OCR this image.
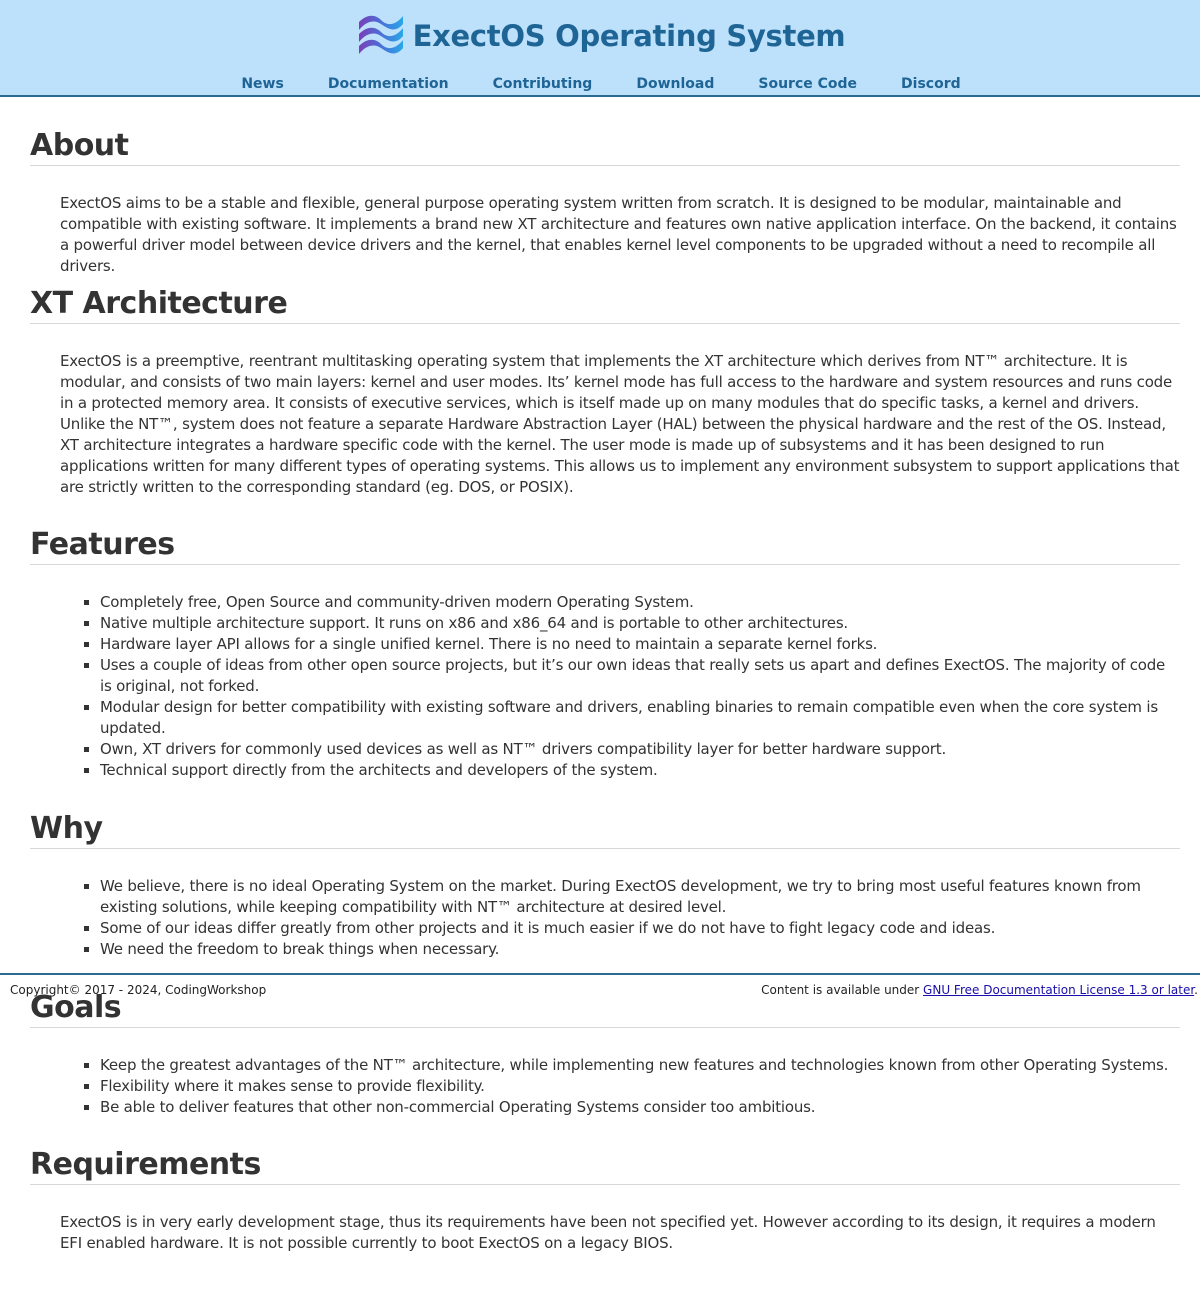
ExectOS Operating System
News	Documentation	Contributing	Download	Source Code	Discord
About

ExectOS aims to be a stable and flexible, general purpose operating system written from scratch. It is designed to be modular, maintainable and compatible with existing software. It implements a brand new XT architecture and features own native application interface. On the backend, it contains a powerful driver model between device drivers and the kernel, that enables kernel level components to be upgraded without a need to recompile all drivers.

XT Architecture

ExectOS is a preemptive, reentrant multitasking operating system that implements the XT architecture which derives from NT™ architecture. It is modular, and consists of two main layers: kernel and user modes. Its’ kernel mode has full access to the hardware and system resources and runs code in a protected memory area. It consists of executive services, which is itself made up on many modules that do specific tasks, a kernel and drivers. Unlike the NT™, system does not feature a separate Hardware Abstraction Layer (HAL) between the physical hardware and the rest of the OS. Instead, XT architecture integrates a hardware specific code with the kernel. The user mode is made up of subsystems and it has been designed to run applications written for many different types of operating systems. This allows us to implement any environment subsystem to support applications that are strictly written to the corresponding standard (eg. DOS, or POSIX).

Features
▪ Completely free, Open Source and community-driven modern Operating System.
▪ Native multiple architecture support. It runs on x86 and x86_64 and is portable to other architectures.
▪ Hardware layer API allows for a single unified kernel. There is no need to maintain a separate kernel forks.
▪ Uses a couple of ideas from other open source projects, but it’s our own ideas that really sets us apart and defines ExectOS. The majority of code is original, not forked.
▪ Modular design for better compatibility with existing software and drivers, enabling binaries to remain compatible even when the core system is updated.
▪ Own, XT drivers for commonly used devices as well as NT™ drivers compatibility layer for better hardware support.
▪ Technical support directly from the architects and developers of the system.
Why
▪ We believe, there is no ideal Operating System on the market. During ExectOS development, we try to bring most useful features known from existing solutions, while keeping compatibility with NT™ architecture at desired level.
▪ Some of our ideas differ greatly from other projects and it is much easier if we do not have to fight legacy code and ideas.
▪ We need the freedom to break things when necessary.
Goals
▪ Keep the greatest advantages of the NT™ architecture, while implementing new features and technologies known from other Operating Systems.
▪ Flexibility where it makes sense to provide flexibility.
▪ Be able to deliver features that other non-commercial Operating Systems consider too ambitious.
Requirements

ExectOS is in very early development stage, thus its requirements have been not specified yet. However according to its design, it requires a modern EFI enabled hardware. It is not possible currently to boot ExectOS on a legacy BIOS.

Copyright© 2017 - 2024, CodingWorkshop	Content is available under GNU Free Documentation License 1.3 or later.
